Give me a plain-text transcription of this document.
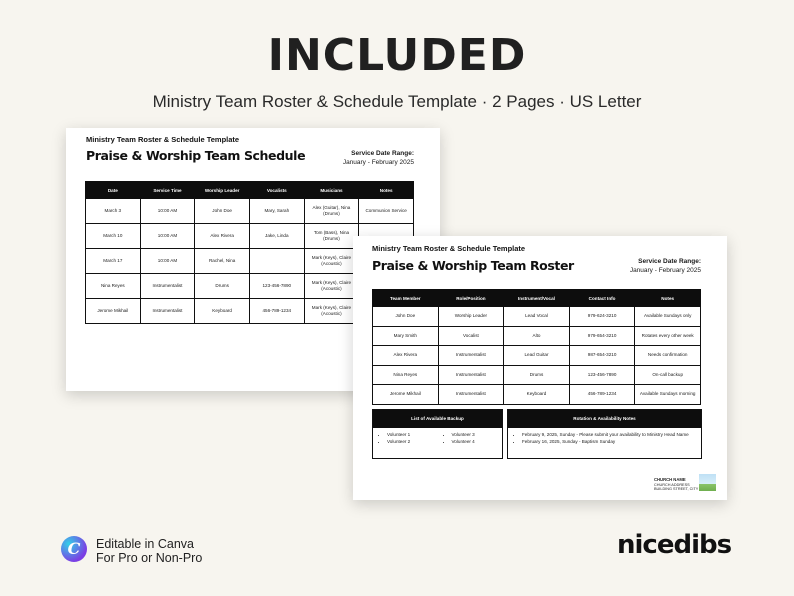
INCLUDED
Ministry Team Roster & Schedule Template · 2 Pages · US Letter
Ministry Team Roster & Schedule Template
Praise & Worship Team Schedule	Service Date Range:
January - February 2025
Date	Service Time	Worship Leader	Vocalists	Musicians	Notes
March 3	10:00 AM	John Doe	Mary, Sarah	Alex (Guitar), Nina (Drums)	Communion Service
March 10	10:00 AM	Alex Rivera	Jake, Linda	Tom (Bass), Nina (Drums)	
March 17	10:00 AM	Rachel, Nina		Mark (Keys), Claire (Acoustic)	
Nina Reyes	Instrumentalist	Drums	123-456-7890	Mark (Keys), Claire (Acoustic)	
Jerome Mikhail	Instrumentalist	Keyboard	456-789-1234	Mark (Keys), Claire (Acoustic)	
Ministry Team Roster & Schedule Template
Praise & Worship Team Roster	Service Date Range:
January - February 2025
Team Member	Role/Position	Instrument/Vocal	Contact Info	Notes
John Doe	Worship Leader	Lead Vocal	979-624-3210	Available Sundays only
Mary Smith	Vocalist	Alto	979-654-3210	Rotates every other week
Alex Rivera	Instrumentalist	Lead Guitar	987-654-3210	Needs confirmation
Nina Reyes	Instrumentalist	Drums	123-456-7890	On-call backup
Jerome Mikhail	Instrumentalist	Keyboard	456-789-1234	Available Sundays morning
List of Available Backup
• Volunteer 1
• Volunteer 2
• Volunteer 3
• Volunteer 4
Rotation & Availability Notes
• February 9, 2025, Sunday - Please submit your availability to Ministry Head Name
• February 16, 2025, Sunday - Baptism Sunday
CHURCH NAME
CHURCH ADDRESS
BUILDING STREET, CITY
C	Editable in Canva
For Pro or Non-Pro	nicedibs
